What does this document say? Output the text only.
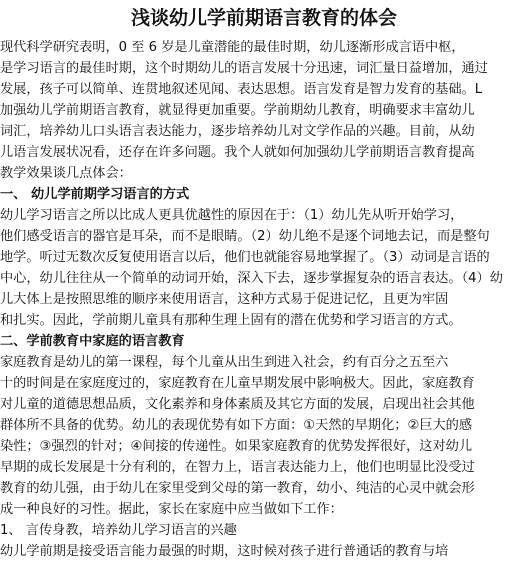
浅谈幼儿学前期语言教育的体会
现代科学研究表明，0 至 6 岁是儿童潜能的最佳时期，幼儿逐渐形成言语中枢，
是学习语言的最佳时期，这个时期幼儿的语言发展十分迅速，词汇量日益增加，通过
发展，孩子可以简单、连贯地叙述见闻、表达思想。语言发育是智力发育的基础。L
加强幼儿学前期语言教育，就显得更加重要。学前期幼儿教育，明确要求丰富幼儿
词汇，培养幼儿口头语言表达能力，逐步培养幼儿对文学作品的兴趣。目前，从幼
儿语言发展状况看，还存在许多问题。我个人就如何加强幼儿学前期语言教育提高
教学效果谈几点体会：
一、 幼儿学前期学习语言的方式
幼儿学习语言之所以比成人更具优越性的原因在于：（1）幼儿先从听开始学习，
他们感受语言的器官是耳朵，而不是眼睛。（2）幼儿绝不是逐个词地去记，而是整句
地学。听过无数次反复使用语言以后，他们也就能容易地掌握了。（3）动词是言语的
中心，幼儿往往从一个简单的动词开始，深入下去，逐步掌握复杂的语言表达。（4）幼
儿大体上是按照思维的顺序来使用语言，这种方式易于促进记忆，且更为牢固
和扎实。因此，学前期儿童具有那种生理上固有的潜在优势和学习语言的方式。
二、学前教育中家庭的语言教育
家庭教育是幼儿的第一课程，每个儿童从出生到进入社会，约有百分之五至六
十的时间是在家庭度过的，家庭教育在儿童早期发展中影响极大。因此，家庭教育
对儿童的道德思想品质，文化素养和身体素质及其它方面的发展，启现出社会其他
群体所不具备的优势。幼儿的表现优势有如下方面：①天然的早期化；②巨大的感
染性；③强烈的针对；④间接的传递性。如果家庭教育的优势发挥很好，这对幼儿
早期的成长发展是十分有利的，在智力上，语言表达能力上，他们也明显比没受过
教育的幼儿强，由于幼儿在家里受到父母的第一教育，幼小、纯洁的心灵中就会形
成一种良好的习性。据此，家长在家庭中应当做如下工作：
1、 言传身教，培养幼儿学习语言的兴趣
幼儿学前期是接受语言能力最强的时期，这时候对孩子进行普通话的教育与培
